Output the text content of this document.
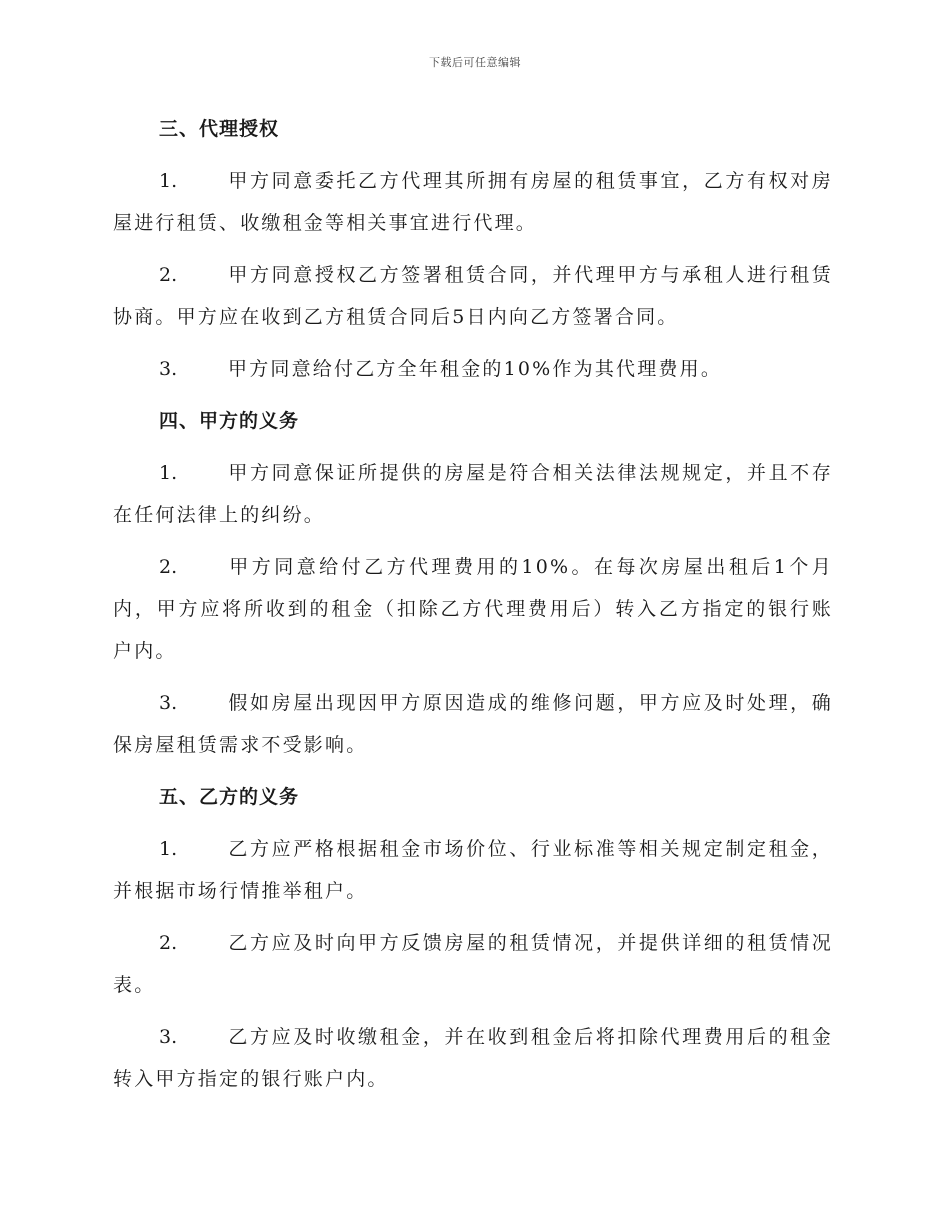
下载后可任意编辑
三、代理授权

1.	甲方同意委托乙方代理其所拥有房屋的租赁事宜，乙方有权对房屋进行租赁、收缴租金等相关事宜进行代理。

2.	甲方同意授权乙方签署租赁合同，并代理甲方与承租人进行租赁协商。甲方应在收到乙方租赁合同后5日内向乙方签署合同。

3.	甲方同意给付乙方全年租金的10%作为其代理费用。

四、甲方的义务

1.	甲方同意保证所提供的房屋是符合相关法律法规规定，并且不存在任何法律上的纠纷。

2.	甲方同意给付乙方代理费用的10%。在每次房屋出租后1个月内，甲方应将所收到的租金（扣除乙方代理费用后）转入乙方指定的银行账户内。

3.	假如房屋出现因甲方原因造成的维修问题，甲方应及时处理，确保房屋租赁需求不受影响。

五、乙方的义务

1.	乙方应严格根据租金市场价位、行业标准等相关规定制定租金，并根据市场行情推举租户。

2.	乙方应及时向甲方反馈房屋的租赁情况，并提供详细的租赁情况表。

3.	乙方应及时收缴租金，并在收到租金后将扣除代理费用后的租金转入甲方指定的银行账户内。
